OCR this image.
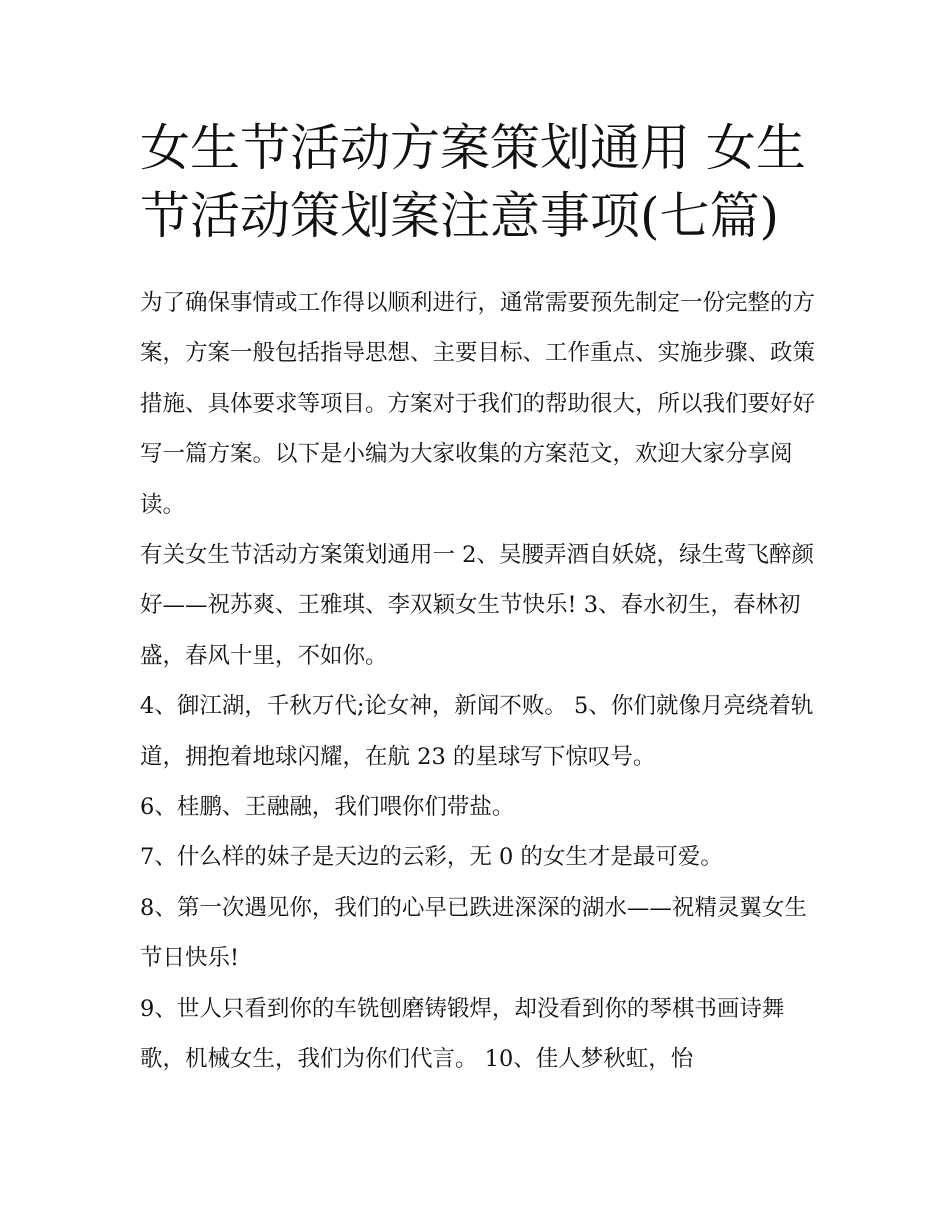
女生节活动方案策划通用 女生节活动策划案注意事项(七篇)

为了确保事情或工作得以顺利进行，通常需要预先制定一份完整的方案，方案一般包括指导思想、主要目标、工作重点、实施步骤、政策措施、具体要求等项目。方案对于我们的帮助很大，所以我们要好好写一篇方案。以下是小编为大家收集的方案范文，欢迎大家分享阅读。

有关女生节活动方案策划通用一 2、吴腰弄酒自妖娆，绿生莺飞醉颜好——祝苏爽、王雅琪、李双颖女生节快乐! 3、春水初生，春林初盛，春风十里，不如你。

4、御江湖，千秋万代;论女神，新闻不败。 5、你们就像月亮绕着轨道，拥抱着地球闪耀，在航 23 的星球写下惊叹号。

6、桂鹏、王融融，我们喂你们带盐。

7、什么样的妹子是天边的云彩，无 0 的女生才是最可爱。

8、第一次遇见你，我们的心早已跌进深深的湖水——祝精灵翼女生节日快乐!

9、世人只看到你的车铣刨磨铸锻焊，却没看到你的琴棋书画诗舞歌，机械女生，我们为你们代言。 10、佳人梦秋虹，怡
